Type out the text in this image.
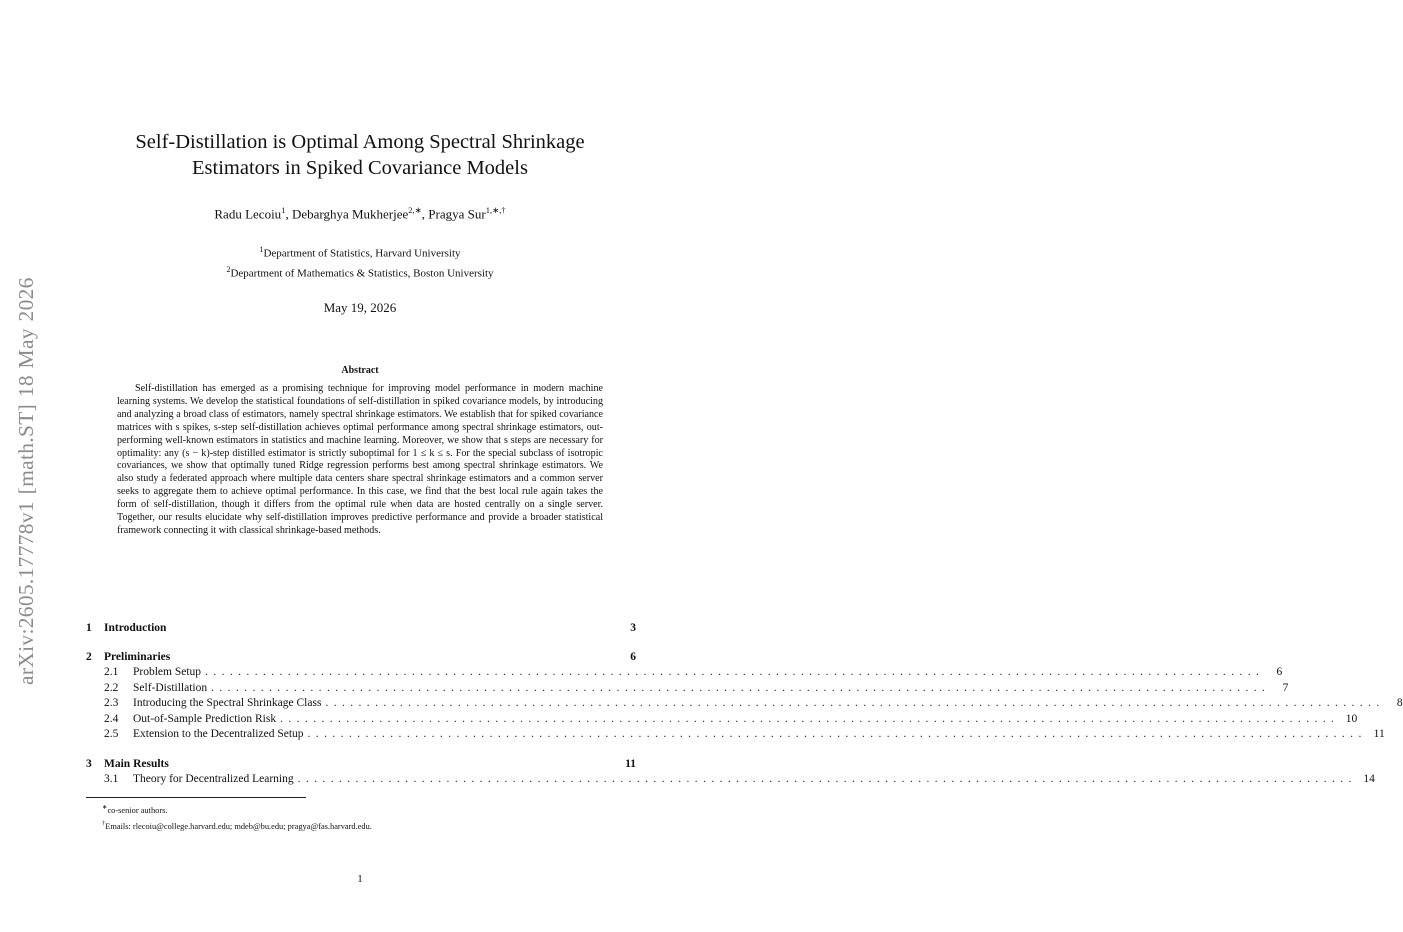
arXiv:2605.17778v1 [math.ST] 18 May 2026
Self-Distillation is Optimal Among Spectral Shrinkage
Estimators in Spiked Covariance Models
Radu Lecoiu$^1$, Debarghya Mukherjee$^{2,∗}$, Pragya Sur$^{1,∗,\dagger}$
$^1$Department of Statistics, Harvard University
$^2$Department of Mathematics & Statistics, Boston University
May 19, 2026
Abstract
Self-distillation has emerged as a promising technique for improving model performance in modern machine learning systems. We develop the statistical foundations of self-distillation in spiked covariance models, by introducing and analyzing a broad class of estimators, namely spectral shrinkage estimators. We establish that for spiked covariance matrices with s spikes, s-step self-distillation achieves optimal performance among spectral shrinkage estimators, out-performing well-known estimators in statistics and machine learning. Moreover, we show that s steps are necessary for optimality: any (s − k)-step distilled estimator is strictly suboptimal for 1 ≤ k ≤ s. For the special subclass of isotropic covariances, we show that optimally tuned Ridge regression performs best among spectral shrinkage estimators. We also study a federated approach where multiple data centers share spectral shrinkage estimators and a common server seeks to aggregate them to achieve optimal performance. In this case, we find that the best local rule again takes the form of self-distillation, though it differs from the optimal rule when data are hosted centrally on a single server. Together, our results elucidate why self-distillation improves predictive performance and provide a broader statistical framework connecting it with classical shrinkage-based methods.
1	Introduction	3
2	Preliminaries	6
2.1	Problem Setup ................................................................................................................................	6
2.2	Self-Distillation ................................................................................................................................	7
2.3	Introducing the Spectral Shrinkage Class ................................................................................................................................	8
2.4	Out-of-Sample Prediction Risk ................................................................................................................................ 10
2.5	Extension to the Decentralized Setup ................................................................................................................................ 11
3	Main Results	11
3.1	Theory for Decentralized Learning ................................................................................................................................ 14
∗co-senior authors.
†Emails: rlecoiu@college.harvard.edu; mdeb@bu.edu; pragya@fas.harvard.edu.
1
